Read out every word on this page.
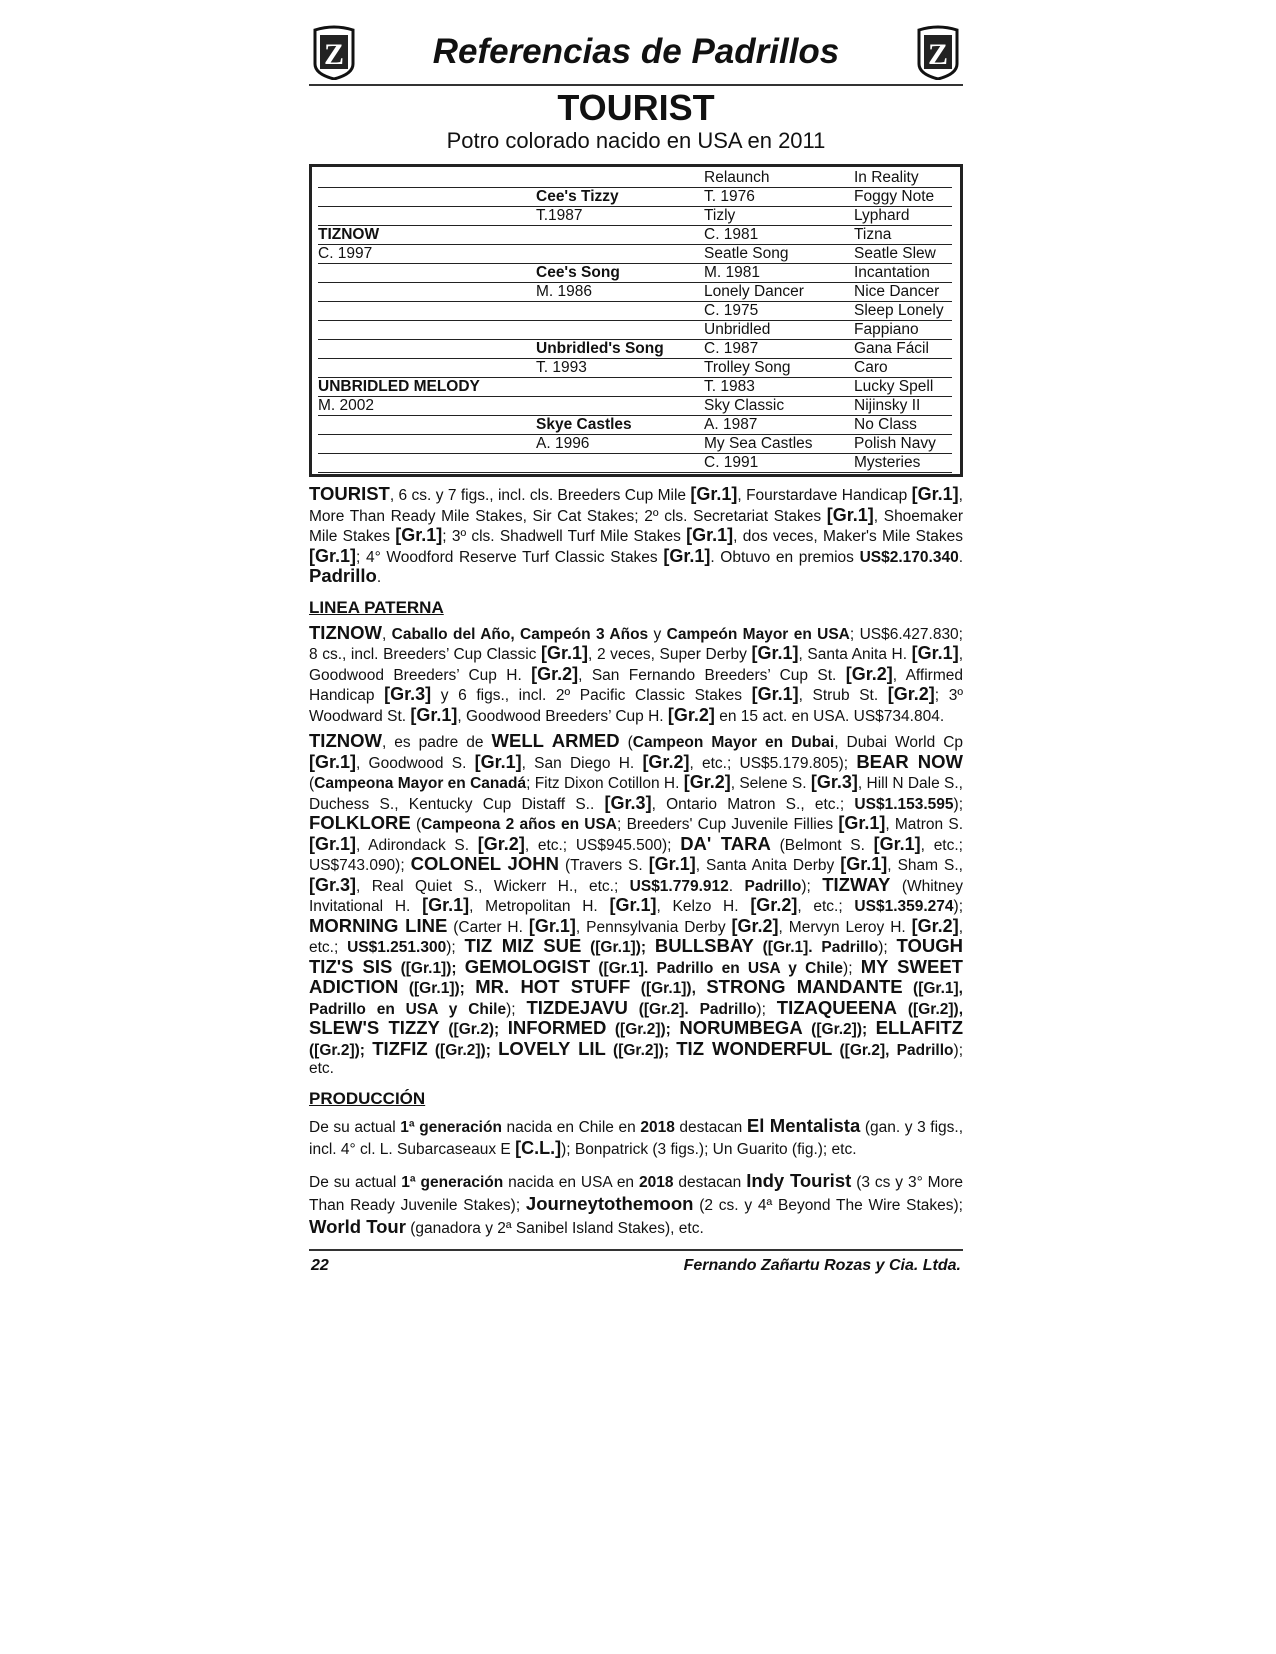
Z	Referencias de Padrillos	Z
TOURIST
Potro colorado nacido en USA en 2011
		Relaunch	In Reality
	Cee's Tizzy	T. 1976	Foggy Note
	T.1987	Tizly	Lyphard
TIZNOW		C. 1981	Tizna
C. 1997		Seatle Song	Seatle Slew
	Cee's Song	M. 1981	Incantation
	M. 1986	Lonely Dancer	Nice Dancer
		C. 1975	Sleep Lonely
		Unbridled	Fappiano
	Unbridled's Song	C. 1987	Gana Fácil
	T. 1993	Trolley Song	Caro
UNBRIDLED MELODY		T. 1983	Lucky Spell
M. 2002		Sky Classic	Nijinsky II
	Skye Castles	A. 1987	No Class
	A. 1996	My Sea Castles	Polish Navy
		C. 1991	Mysteries

TOURIST, 6 cs. y 7 figs., incl. cls. Breeders Cup Mile [Gr.1], Fourstardave Handicap [Gr.1], More Than Ready Mile Stakes, Sir Cat Stakes; 2º cls. Secretariat Stakes [Gr.1], Shoemaker Mile Stakes [Gr.1]; 3º cls. Shadwell Turf Mile Stakes [Gr.1], dos veces, Maker's Mile Stakes [Gr.1]; 4° Woodford Reserve Turf Classic Stakes [Gr.1]. Obtuvo en premios US$2.170.340. Padrillo.

LINEA PATERNA

TIZNOW, Caballo del Año, Campeón 3 Años y Campeón Mayor en USA; US$6.427.830; 8 cs., incl. Breeders’ Cup Classic [Gr.1], 2 veces, Super Derby [Gr.1], Santa Anita H. [Gr.1], Goodwood Breeders’ Cup H. [Gr.2], San Fernando Breeders’ Cup St. [Gr.2], Affirmed Handicap [Gr.3] y 6 figs., incl. 2º Pacific Classic Stakes [Gr.1], Strub St. [Gr.2]; 3º Woodward St. [Gr.1], Goodwood Breeders’ Cup H. [Gr.2] en 15 act. en USA. US$734.804.

TIZNOW, es padre de WELL ARMED (Campeon Mayor en Dubai, Dubai World Cp [Gr.1], Goodwood S. [Gr.1], San Diego H. [Gr.2], etc.; US$5.179.805); BEAR NOW (Campeona Mayor en Canadá; Fitz Dixon Cotillon H. [Gr.2], Selene S. [Gr.3], Hill N Dale S., Duchess S., Kentucky Cup Distaff S.. [Gr.3], Ontario Matron S., etc.; US$1.153.595); FOLKLORE (Campeona 2 años en USA; Breeders' Cup Juvenile Fillies [Gr.1], Matron S. [Gr.1], Adirondack S. [Gr.2], etc.; US$945.500); DA' TARA (Belmont S. [Gr.1], etc.; US$743.090); COLONEL JOHN (Travers S. [Gr.1], Santa Anita Derby [Gr.1], Sham S., [Gr.3], Real Quiet S., Wickerr H., etc.; US$1.779.912. Padrillo); TIZWAY (Whitney Invitational H. [Gr.1], Metropolitan H. [Gr.1], Kelzo H. [Gr.2], etc.; US$1.359.274); MORNING LINE (Carter H. [Gr.1], Pennsylvania Derby [Gr.2], Mervyn Leroy H. [Gr.2], etc.; US$1.251.300); TIZ MIZ SUE ([Gr.1]); BULLSBAY ([Gr.1]. Padrillo); TOUGH TIZ'S SIS ([Gr.1]); GEMOLOGIST ([Gr.1]. Padrillo en USA y Chile); MY SWEET ADICTION ([Gr.1]); MR. HOT STUFF ([Gr.1]), STRONG MANDANTE ([Gr.1], Padrillo en USA y Chile); TIZDEJAVU ([Gr.2]. Padrillo); TIZAQUEENA ([Gr.2]), SLEW'S TIZZY ([Gr.2); INFORMED ([Gr.2]); NORUMBEGA ([Gr.2]); ELLAFITZ ([Gr.2]); TIZFIZ ([Gr.2]); LOVELY LIL ([Gr.2]); TIZ WONDERFUL ([Gr.2], Padrillo); etc.

PRODUCCIÓN

De su actual 1ª generación nacida en Chile en 2018 destacan El Mentalista (gan. y 3 figs., incl. 4° cl. L. Subarcaseaux E [C.L.]); Bonpatrick (3 figs.); Un Guarito (fig.); etc.

De su actual 1ª generación nacida en USA en 2018 destacan Indy Tourist (3 cs y 3° More Than Ready Juvenile Stakes); Journeytothemoon (2 cs. y 4ª Beyond The Wire Stakes); World Tour (ganadora y 2ª Sanibel Island Stakes), etc.

22	Fernando Zañartu Rozas y Cia. Ltda.
